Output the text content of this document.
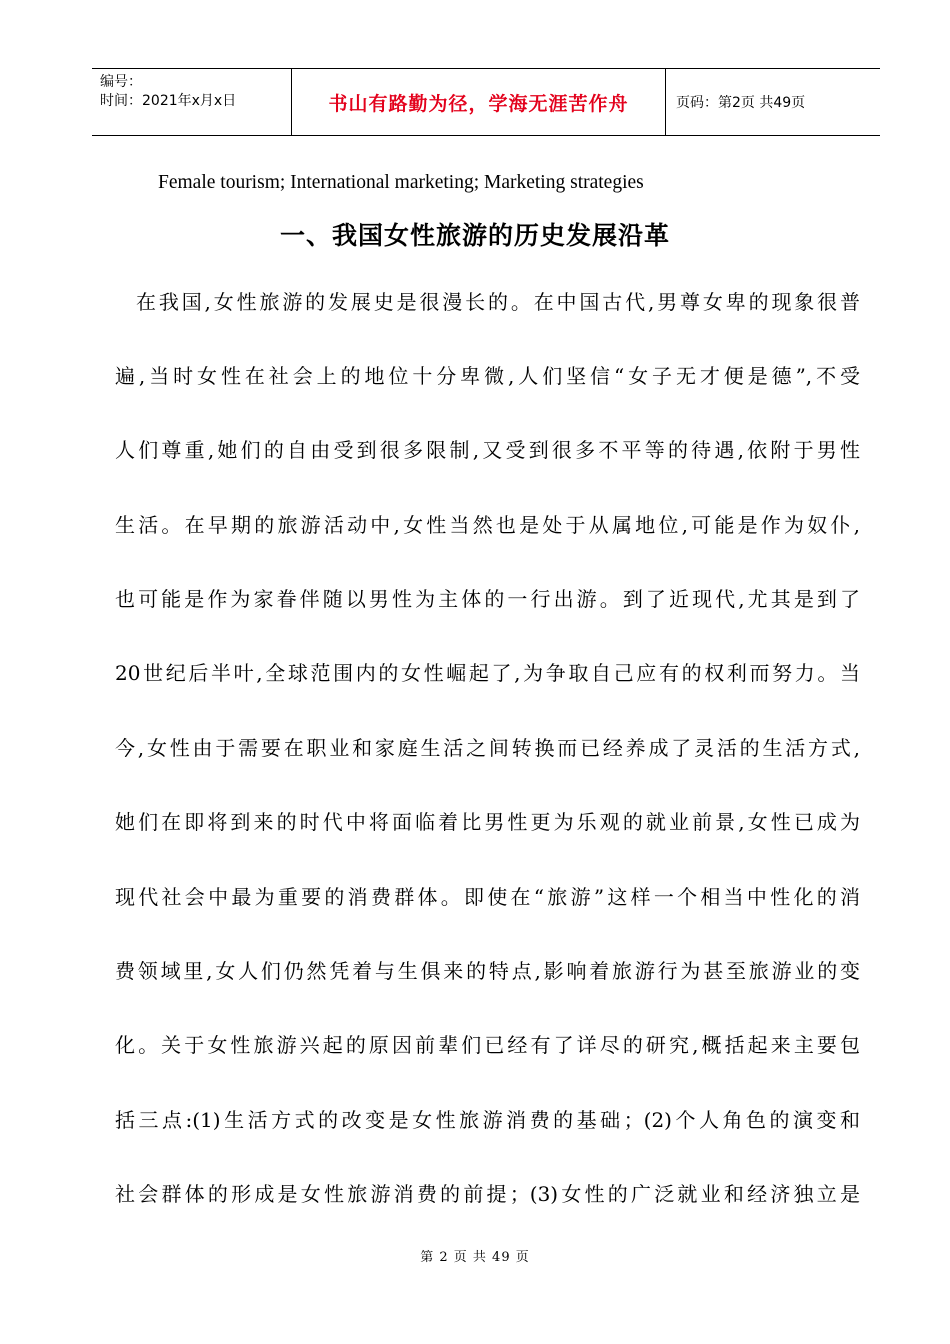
编号：
时间：2021年x月x日	书山有路勤为径，学海无涯苦作舟	页码：第2页 共49页
Female tourism; International marketing; Marketing strategies
一、我国女性旅游的历史发展沿革
在我国,女性旅游的发展史是很漫长的。在中国古代,男尊女卑的现象很普
遍,当时女性在社会上的地位十分卑微,人们坚信“女子无才便是德”,不受
人们尊重,她们的自由受到很多限制,又受到很多不平等的待遇,依附于男性
生活。在早期的旅游活动中,女性当然也是处于从属地位,可能是作为奴仆,
也可能是作为家眷伴随以男性为主体的一行出游。到了近现代,尤其是到了
20世纪后半叶,全球范围内的女性崛起了,为争取自己应有的权利而努力。当
今,女性由于需要在职业和家庭生活之间转换而已经养成了灵活的生活方式,
她们在即将到来的时代中将面临着比男性更为乐观的就业前景,女性已成为
现代社会中最为重要的消费群体。即使在“旅游”这样一个相当中性化的消
费领域里,女人们仍然凭着与生俱来的特点,影响着旅游行为甚至旅游业的变
化。关于女性旅游兴起的原因前辈们已经有了详尽的研究,概括起来主要包
括三点:(1)生活方式的改变是女性旅游消费的基础；(2)个人角色的演变和
社会群体的形成是女性旅游消费的前提；(3)女性的广泛就业和经济独立是
第 2 页 共 49 页
